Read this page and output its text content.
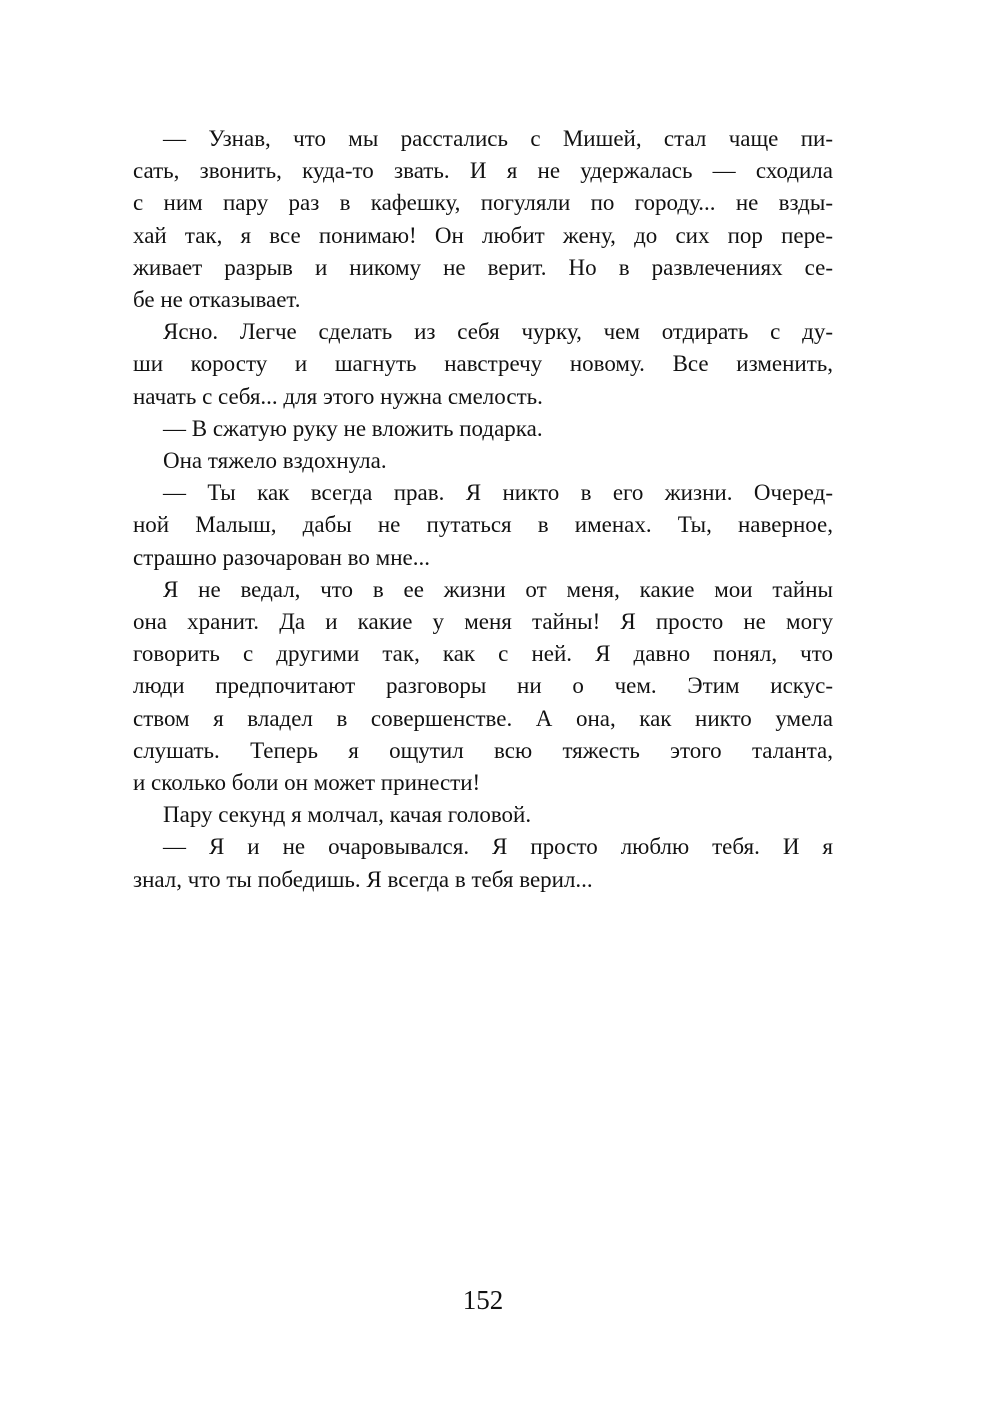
— Узнав, что мы расстались с Мишей, стал чаще пи-
сать, звонить, куда-то звать. И я не удержалась — сходила
с ним пару раз в кафешку, погуляли по городу... не взды-
хай так, я все понимаю! Он любит жену, до сих пор пере-
живает разрыв и никому не верит. Но в развлечениях се-
бе не отказывает.
Ясно. Легче сделать из себя чурку, чем отдирать с ду-
ши коросту и шагнуть навстречу новому. Все изменить,
начать с себя... для этого нужна смелость.
— В сжатую руку не вложить подарка.
Она тяжело вздохнула.
— Ты как всегда прав. Я никто в его жизни. Очеред-
ной Малыш, дабы не путаться в именах. Ты, наверное,
страшно разочарован во мне...
Я не ведал, что в ее жизни от меня, какие мои тайны
она хранит. Да и какие у меня тайны! Я просто не могу
говорить с другими так, как с ней. Я давно понял, что
люди предпочитают разговоры ни о чем. Этим искус-
ством я владел в совершенстве. А она, как никто умела
слушать. Теперь я ощутил всю тяжесть этого таланта,
и сколько боли он может принести!
Пару секунд я молчал, качая головой.
— Я и не очаровывался. Я просто люблю тебя. И я
знал, что ты победишь. Я всегда в тебя верил...
152
